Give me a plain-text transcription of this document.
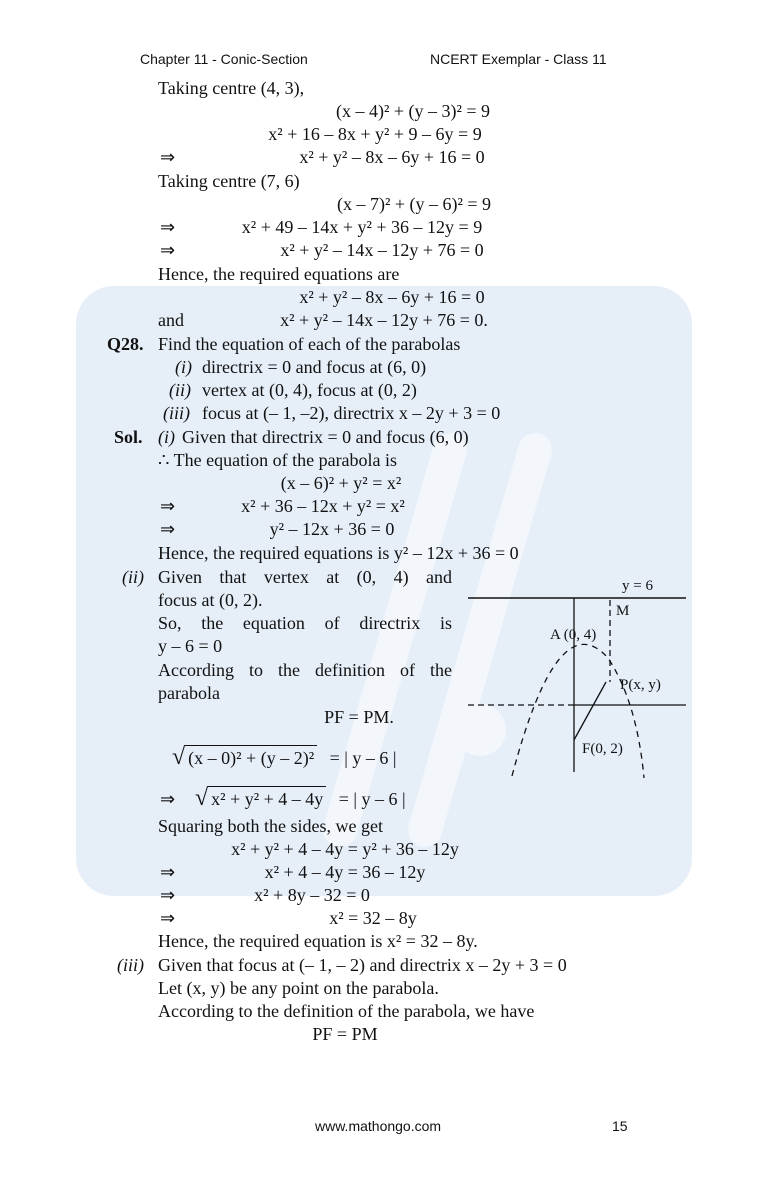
Chapter 11 - Conic-Section	NCERT Exemplar - Class 11
Taking centre (4, 3),
(x – 4)² + (y – 3)² = 9
x² + 16 – 8x + y² + 9 – 6y = 9
⇒	x² + y² – 8x – 6y + 16 = 0
Taking centre (7, 6)
(x – 7)² + (y – 6)² = 9
⇒	x² + 49 – 14x + y² + 36 – 12y = 9
⇒	x² + y² – 14x – 12y + 76 = 0
Hence, the required equations are
x² + y² – 8x – 6y + 16 = 0
and	x² + y² – 14x – 12y + 76 = 0.
Q28. Find the equation of each of the parabolas
(i) directrix = 0 and focus at (6, 0)
(ii) vertex at (0, 4), focus at (0, 2)
(iii) focus at (– 1, –2), directrix x – 2y + 3 = 0
Sol. (i) Given that directrix = 0 and focus (6, 0)
∴ The equation of the parabola is
(x – 6)² + y² = x²
⇒	x² + 36 – 12x + y² = x²
⇒	y² – 12x + 36 = 0
Hence, the required equations is y² – 12x + 36 = 0
(ii) Given that vertex at (0, 4) and
focus at (0, 2).
So, the equation of directrix is
y – 6 = 0
According to the definition of the
parabola
PF = PM.
√ (x – 0)² + (y – 2)² = | y – 6 |
⇒ √ x² + y² + 4 – 4y = | y – 6 |
Squaring both the sides, we get
x² + y² + 4 – 4y = y² + 36 – 12y
⇒	x² + 4 – 4y = 36 – 12y
⇒	x² + 8y – 32 = 0
⇒	x² = 32 – 8y
Hence, the required equation is x² = 32 – 8y.
(iii) Given that focus at (– 1, – 2) and directrix x – 2y + 3 = 0
Let (x, y) be any point on the parabola.
According to the definition of the parabola, we have
PF = PM
y = 6
M
A (0, 4)
P(x, y)
F(0, 2)
www.mathongo.com	15
